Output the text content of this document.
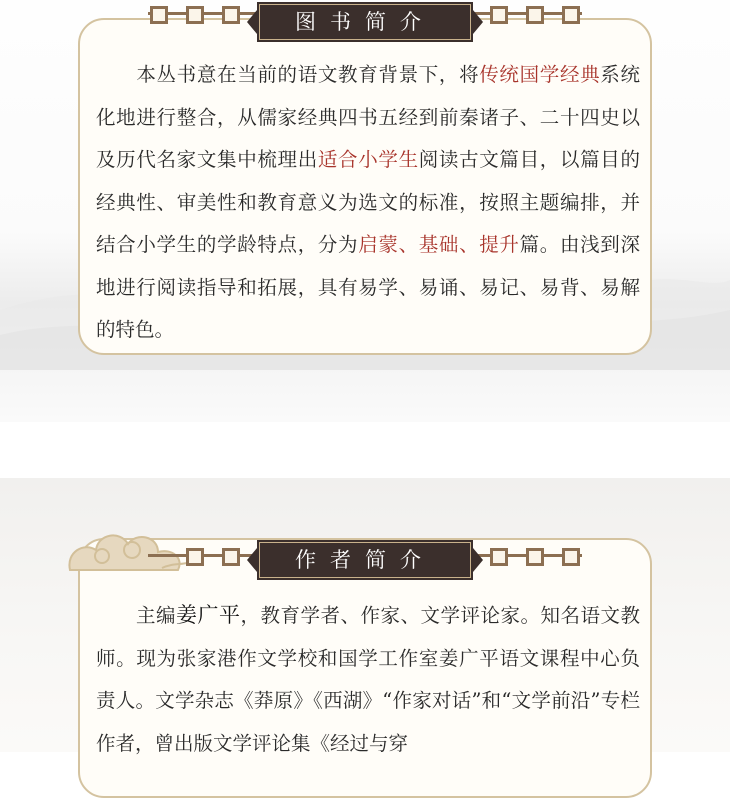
图书简介
　　本丛书意在当前的语文教育背景下，将传统国学经典系统化地进行整合，从儒家经典四书五经到前秦诸子、二十四史以及历代名家文集中梳理出适合小学生阅读古文篇目，以篇目的经典性、审美性和教育意义为选文的标准，按照主题编排，并结合小学生的学龄特点，分为启蒙、基础、提升篇。由浅到深地进行阅读指导和拓展，具有易学、易诵、易记、易背、易解的特色。
作者简介
　　主编姜广平，教育学者、作家、文学评论家。知名语文教师。现为张家港作文学校和国学工作室姜广平语文课程中心负责人。文学杂志《莽原》《西湖》“作家对话”和“文学前沿”专栏作者，曾出版文学评论集《经过与穿
